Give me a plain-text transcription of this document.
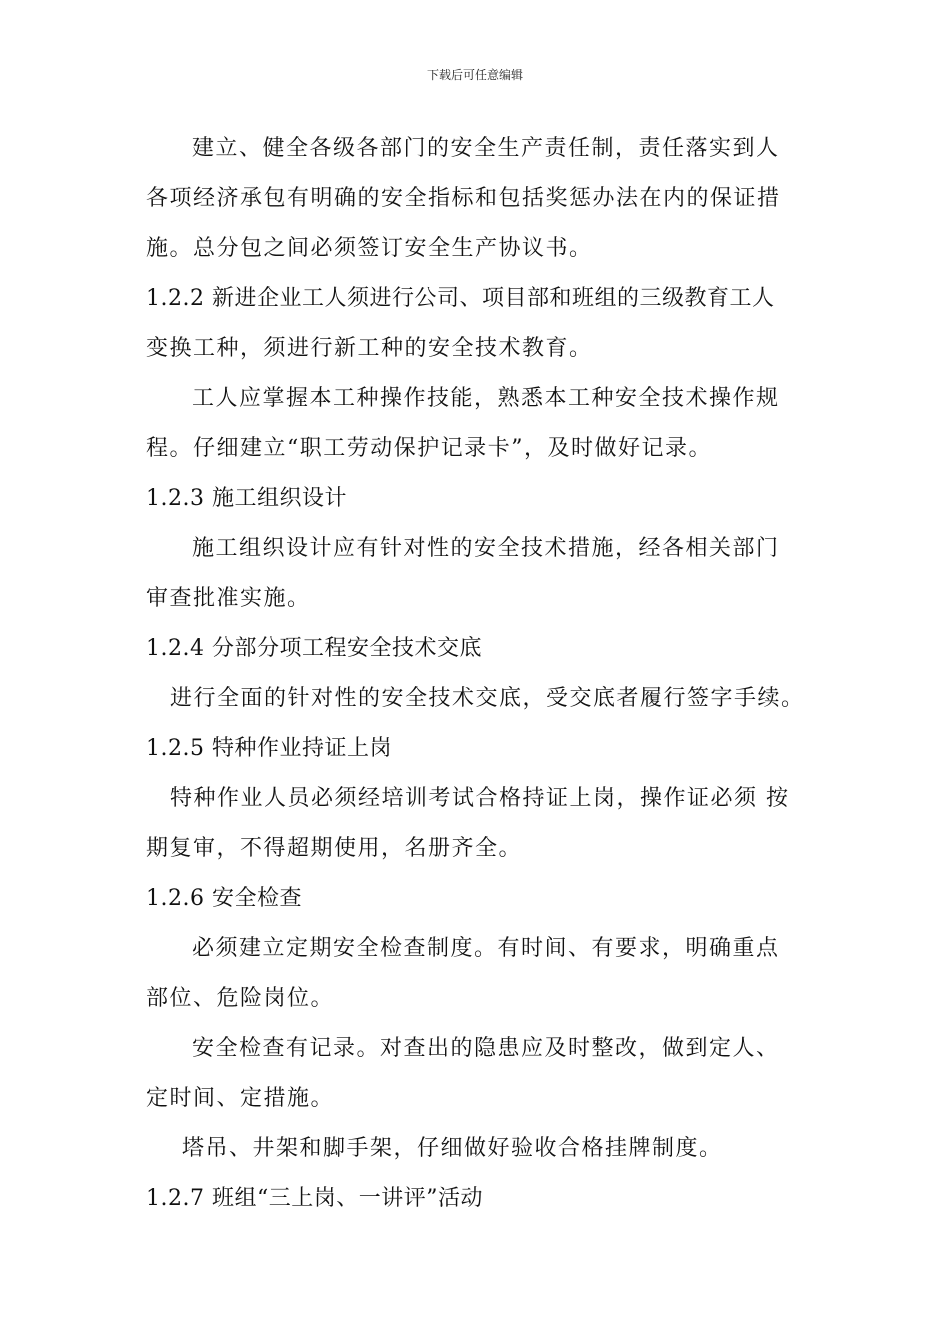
下载后可任意编辑
建立、健全各级各部门的安全生产责任制，责任落实到人
各项经济承包有明确的安全指标和包括奖惩办法在内的保证措
施。总分包之间必须签订安全生产协议书。
1.2.2 新进企业工人须进行公司、项目部和班组的三级教育工人
变换工种，须进行新工种的安全技术教育。
工人应掌握本工种操作技能，熟悉本工种安全技术操作规
程。仔细建立“职工劳动保护记录卡”，及时做好记录。
1.2.3 施工组织设计
施工组织设计应有针对性的安全技术措施，经各相关部门
审查批准实施。
1.2.4 分部分项工程安全技术交底
进行全面的针对性的安全技术交底，受交底者履行签字手续。
1.2.5 特种作业持证上岗
特种作业人员必须经培训考试合格持证上岗，操作证必须 按
期复审，不得超期使用，名册齐全。
1.2.6 安全检查
必须建立定期安全检查制度。有时间、有要求，明确重点
部位、危险岗位。
安全检查有记录。对查出的隐患应及时整改，做到定人、
定时间、定措施。
塔吊、井架和脚手架，仔细做好验收合格挂牌制度。
1.2.7 班组“三上岗、一讲评”活动
